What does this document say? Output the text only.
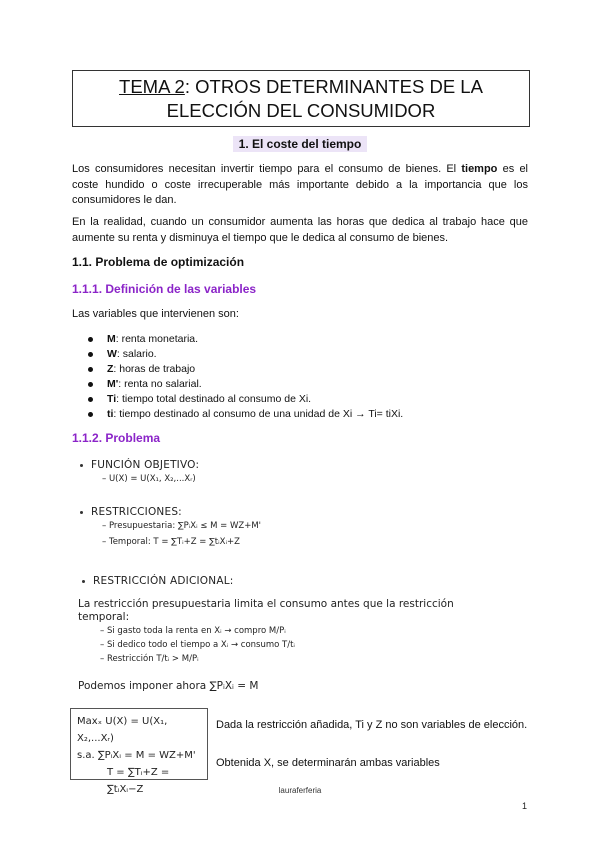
TEMA 2: OTROS DETERMINANTES DE LA
ELECCIÓN DEL CONSUMIDOR
1. El coste del tiempo

Los consumidores necesitan invertir tiempo para el consumo de bienes. El tiempo es el coste hundido o coste irrecuperable más importante debido a la importancia que los consumidores le dan.

En la realidad, cuando un consumidor aumenta las horas que dedica al trabajo hace que aumente su renta y disminuya el tiempo que le dedica al consumo de bienes.

1.1. Problema de optimización
1.1.1. Definición de las variables
Las variables que intervienen son:
M: renta monetaria.
W: salario.
Z: horas de trabajo
M': renta no salarial.
Ti: tiempo total destinado al consumo de Xi.
ti: tiempo destinado al consumo de una unidad de Xi → Ti= tiXi.
1.1.2. Problema
FUNCIÓN OBJETIVO:
– U(X) = U(X₁, X₂,...Xᵣ)
RESTRICCIONES:
– Presupuestaria: ∑PᵢXᵢ ≤ M = WZ+M'
– Temporal: T = ∑Tᵢ+Z = ∑tᵢXᵢ+Z
RESTRICCIÓN ADICIONAL:
La restricción presupuestaria limita el consumo antes que la restricción temporal:
– Si gasto toda la renta en Xᵢ → compro M/Pᵢ
– Si dedico todo el tiempo a Xᵢ → consumo T/tᵢ
– Restricción T/tᵢ > M/Pᵢ
Podemos imponer ahora ∑PᵢXᵢ = M
Maxₓ U(X) = U(X₁, X₂,...Xᵣ)
s.a. ∑PᵢXᵢ = M = WZ+M'
T = ∑Tᵢ+Z = ∑tᵢXᵢ−Z

Dada la restricción añadida, Ti y Z no son variables de elección.

Obtenida X, se determinarán ambas variables

lauraferferia
1
